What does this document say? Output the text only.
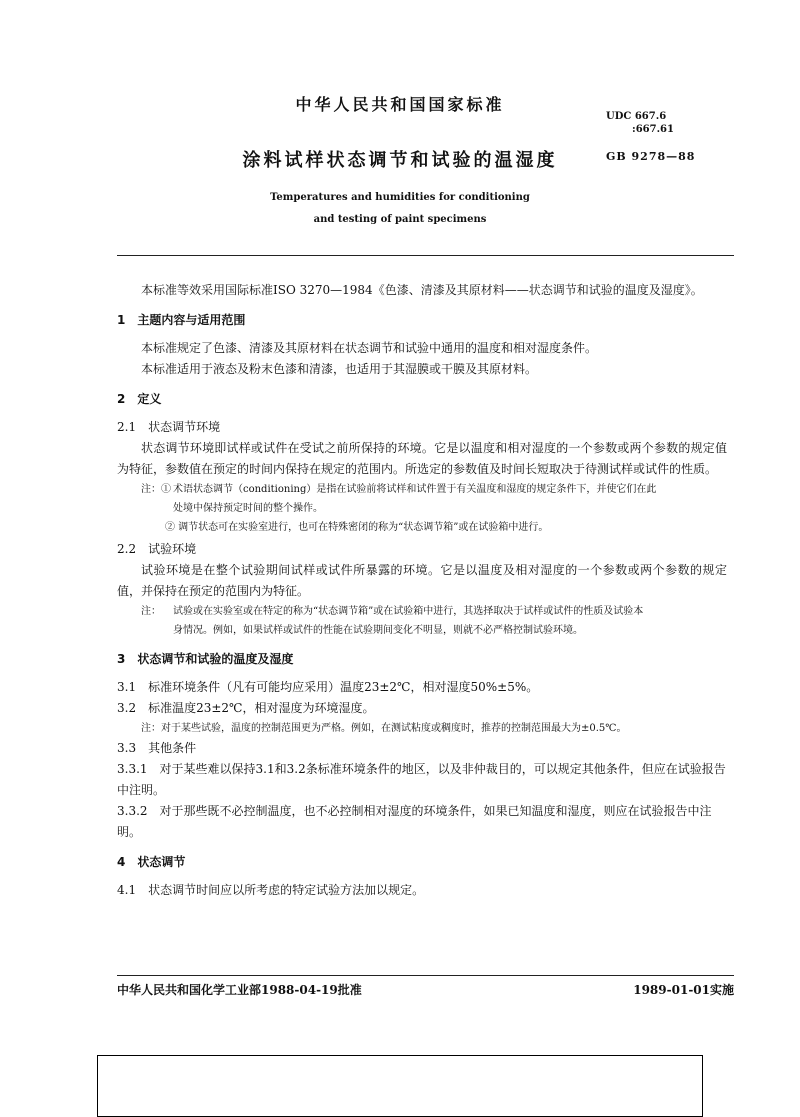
中华人民共和国国家标准
UDC 667.6
:667.61
涂料试样状态调节和试验的温湿度	GB 9278—88
Temperatures and humidities for conditioning
and testing of paint specimens

本标准等效采用国际标准ISO 3270—1984《色漆、清漆及其原材料——状态调节和试验的温度及湿度》。

1　主题内容与适用范围

本标准规定了色漆、清漆及其原材料在状态调节和试验中通用的温度和相对湿度条件。

本标准适用于液态及粉末色漆和清漆，也适用于其湿膜或干膜及其原材料。

2　定义

2.1　状态调节环境

状态调节环境即试样或试件在受试之前所保持的环境。它是以温度和相对湿度的一个参数或两个参数的规定值为特征，参数值在预定的时间内保持在规定的范围内。所选定的参数值及时间长短取决于待测试样或试件的性质。

注：① 术语状态调节（conditioning）是指在试验前将试样和试件置于有关温度和湿度的规定条件下，并使它们在此

处境中保持预定时间的整个操作。

② 调节状态可在实验室进行，也可在特殊密闭的称为“状态调节箱”或在试验箱中进行。

2.2　试验环境

试验环境是在整个试验期间试样或试件所暴露的环境。它是以温度及相对湿度的一个参数或两个参数的规定值，并保持在预定的范围内为特征。

注： 试验或在实验室或在特定的称为“状态调节箱”或在试验箱中进行，其选择取决于试样或试件的性质及试验本

身情况。例如，如果试样或试件的性能在试验期间变化不明显，则就不必严格控制试验环境。

3　状态调节和试验的温度及湿度

3.1　标准环境条件（凡有可能均应采用）温度23±2℃，相对湿度50%±5%。

3.2　标准温度23±2℃，相对湿度为环境湿度。

注：对于某些试验，温度的控制范围更为严格。例如，在测试粘度或稠度时，推荐的控制范围最大为±0.5℃。

3.3　其他条件

3.3.1　对于某些难以保持3.1和3.2条标准环境条件的地区，以及非仲裁目的，可以规定其他条件，但应在试验报告中注明。

3.3.2　对于那些既不必控制温度，也不必控制相对湿度的环境条件，如果已知温度和湿度，则应在试验报告中注明。

4　状态调节

4.1　状态调节时间应以所考虑的特定试验方法加以规定。

中华人民共和国化学工业部1988-04-19批准	1989-01-01实施
